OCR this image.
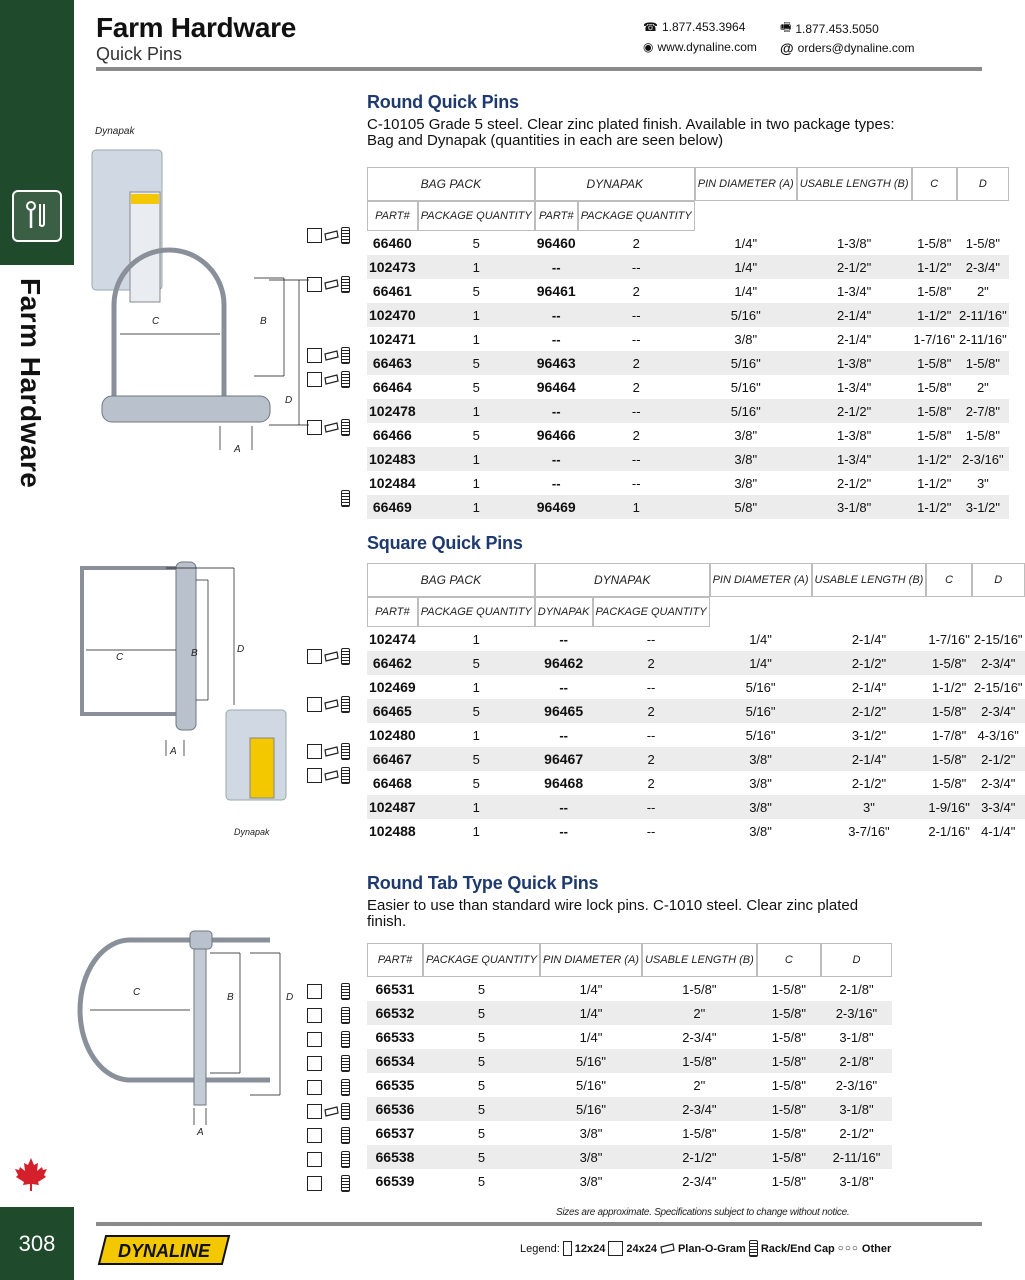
Farm Hardware
308
Farm Hardware
Quick Pins
☎ 1.877.453.3964	🖷 1.877.453.5050
◉ www.dynaline.com @ orders@dynaline.com
Round Quick Pins
C-10105 Grade 5 steel. Clear zinc plated finish. Available in two package types: Bag and Dynapak (quantities in each are seen below)
Dynapak
C	B
D
A
BAG PACK		DYNAPAK		PIN DIAMETER (A)	USABLE LENGTH (B)	C	D
PART#	PACKAGE QUANTITY		PART#	PACKAGE QUANTITY				
66460	5		96460	2		1/4"	1-3/8"	1-5/8"	1-5/8"
102473	1		--	--		1/4"	2-1/2"	1-1/2"	2-3/4"
66461	5		96461	2		1/4"	1-3/4"	1-5/8"	2"
102470	1		--	--		5/16"	2-1/4"	1-1/2"	2-11/16"
102471	1		--	--		3/8"	2-1/4"	1-7/16"	2-11/16"
66463	5		96463	2		5/16"	1-3/8"	1-5/8"	1-5/8"
66464	5		96464	2		5/16"	1-3/4"	1-5/8"	2"
102478	1		--	--		5/16"	2-1/2"	1-5/8"	2-7/8"
66466	5		96466	2		3/8"	1-3/8"	1-5/8"	1-5/8"
102483	1		--	--		3/8"	1-3/4"	1-1/2"	2-3/16"
102484	1		--	--		3/8"	2-1/2"	1-1/2"	3"
66469	1		96469	1		5/8"	3-1/8"	1-1/2"	3-1/2"
Square Quick Pins
C	B	D
A
Dynapak
BAG PACK		DYNAPAK		PIN DIAMETER (A)	USABLE LENGTH (B)	C	D
PART#	PACKAGE QUANTITY		DYNAPAK	PACKAGE QUANTITY				
102474	1		--	--		1/4"	2-1/4"	1-7/16"	2-15/16"
66462	5		96462	2		1/4"	2-1/2"	1-5/8"	2-3/4"
102469	1		--	--		5/16"	2-1/4"	1-1/2"	2-15/16"
66465	5		96465	2		5/16"	2-1/2"	1-5/8"	2-3/4"
102480	1		--	--		5/16"	3-1/2"	1-7/8"	4-3/16"
66467	5		96467	2		3/8"	2-1/4"	1-5/8"	2-1/2"
66468	5		96468	2		3/8"	2-1/2"	1-5/8"	2-3/4"
102487	1		--	--		3/8"	3"	1-9/16"	3-3/4"
102488	1		--	--		3/8"	3-7/16"	2-1/16"	4-1/4"
Round Tab Type Quick Pins
Easier to use than standard wire lock pins. C-1010 steel. Clear zinc plated finish.
C	B	D
A
PART#	PACKAGE QUANTITY	PIN DIAMETER (A)	USABLE LENGTH (B)	C	D
66531	5	1/4"	1-5/8"	1-5/8"	2-1/8"
66532	5	1/4"	2"	1-5/8"	2-3/16"
66533	5	1/4"	2-3/4"	1-5/8"	3-1/8"
66534	5	5/16"	1-5/8"	1-5/8"	2-1/8"
66535	5	5/16"	2"	1-5/8"	2-3/16"
66536	5	5/16"	2-3/4"	1-5/8"	3-1/8"
66537	5	3/8"	1-5/8"	1-5/8"	2-1/2"
66538	5	3/8"	2-1/2"	1-5/8"	2-11/16"
66539	5	3/8"	2-3/4"	1-5/8"	3-1/8"
Sizes are approximate. Specifications subject to change without notice.
DYNALINE	Legend: 12x24 24x24 Plan-O-Gram Rack/End Cap ○○○ Other
